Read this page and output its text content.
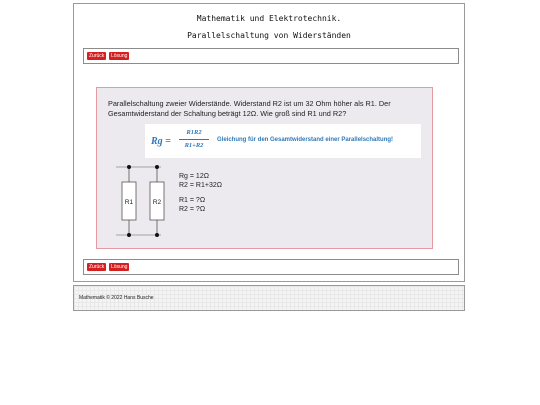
Mathematik und Elektrotechnik.
Parallelschaltung von Widerständen
Zurück	Lösung
Parallelschaltung zweier Widerstände. Widerstand R2 ist um 32 Ohm höher als R1. Der Gesamtwiderstand der Schaltung beträgt 12Ω. Wie groß sind R1 und R2?
Rg =
R1R2
R1+R2
Gleichung für den Gesamtwiderstand einer Parallelschaltung!
R1	R2
Rg = 12Ω
R2 = R1+32Ω
R1 = ?Ω
R2 = ?Ω
Zurück	Lösung
Mathematik © 2022 Hans Busche
